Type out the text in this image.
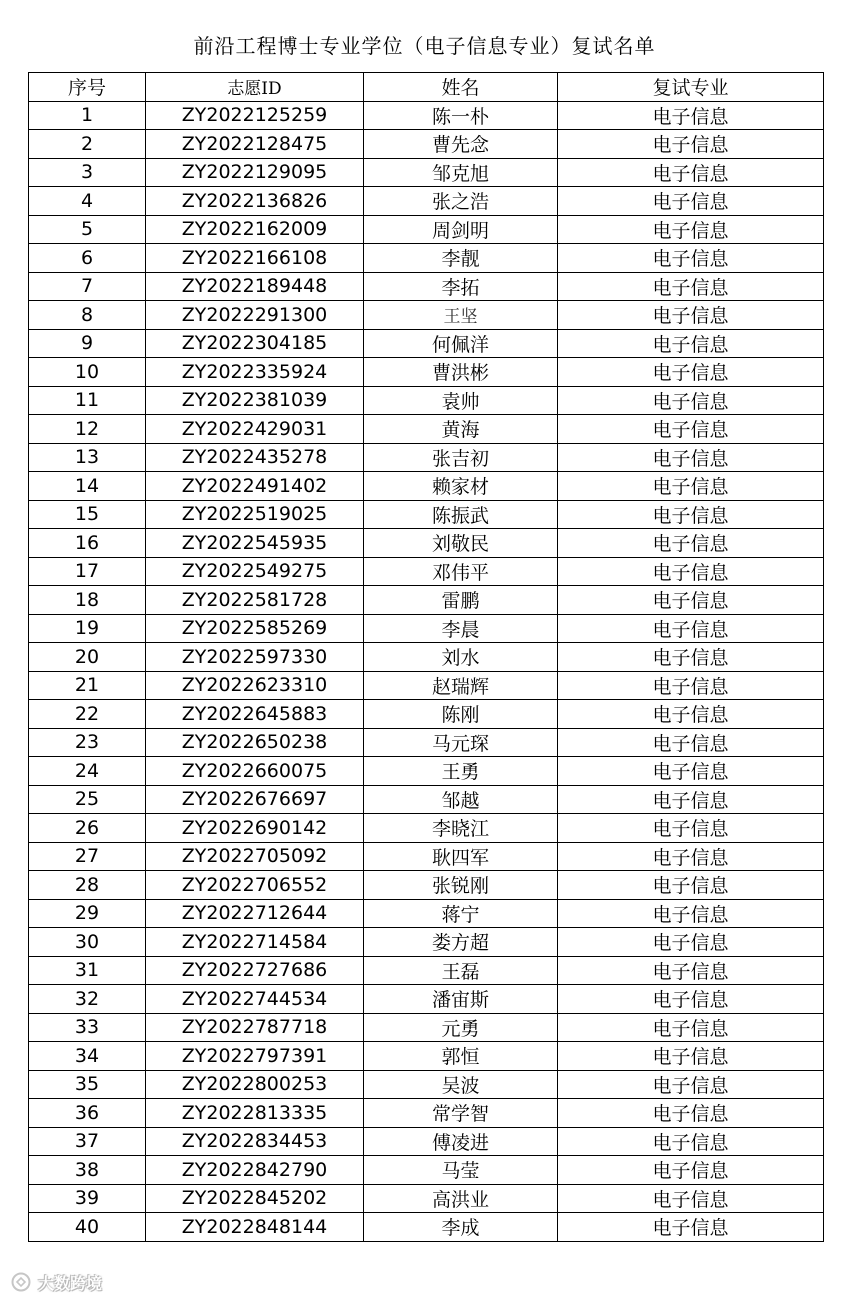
前沿工程博士专业学位（电子信息专业）复试名单
序号	志愿ID	姓名	复试专业
1	ZY2022125259	陈一朴	电子信息
2	ZY2022128475	曹先念	电子信息
3	ZY2022129095	邹克旭	电子信息
4	ZY2022136826	张之浩	电子信息
5	ZY2022162009	周剑明	电子信息
6	ZY2022166108	李靓	电子信息
7	ZY2022189448	李拓	电子信息
8	ZY2022291300	王坚	电子信息
9	ZY2022304185	何佩洋	电子信息
10	ZY2022335924	曹洪彬	电子信息
11	ZY2022381039	袁帅	电子信息
12	ZY2022429031	黄海	电子信息
13	ZY2022435278	张吉初	电子信息
14	ZY2022491402	赖家材	电子信息
15	ZY2022519025	陈振武	电子信息
16	ZY2022545935	刘敬民	电子信息
17	ZY2022549275	邓伟平	电子信息
18	ZY2022581728	雷鹏	电子信息
19	ZY2022585269	李晨	电子信息
20	ZY2022597330	刘水	电子信息
21	ZY2022623310	赵瑞辉	电子信息
22	ZY2022645883	陈刚	电子信息
23	ZY2022650238	马元琛	电子信息
24	ZY2022660075	王勇	电子信息
25	ZY2022676697	邹越	电子信息
26	ZY2022690142	李晓江	电子信息
27	ZY2022705092	耿四军	电子信息
28	ZY2022706552	张锐刚	电子信息
29	ZY2022712644	蒋宁	电子信息
30	ZY2022714584	娄方超	电子信息
31	ZY2022727686	王磊	电子信息
32	ZY2022744534	潘宙斯	电子信息
33	ZY2022787718	元勇	电子信息
34	ZY2022797391	郭恒	电子信息
35	ZY2022800253	吴波	电子信息
36	ZY2022813335	常学智	电子信息
37	ZY2022834453	傅凌进	电子信息
38	ZY2022842790	马莹	电子信息
39	ZY2022845202	高洪业	电子信息
40	ZY2022848144	李成	电子信息
大数跨境
